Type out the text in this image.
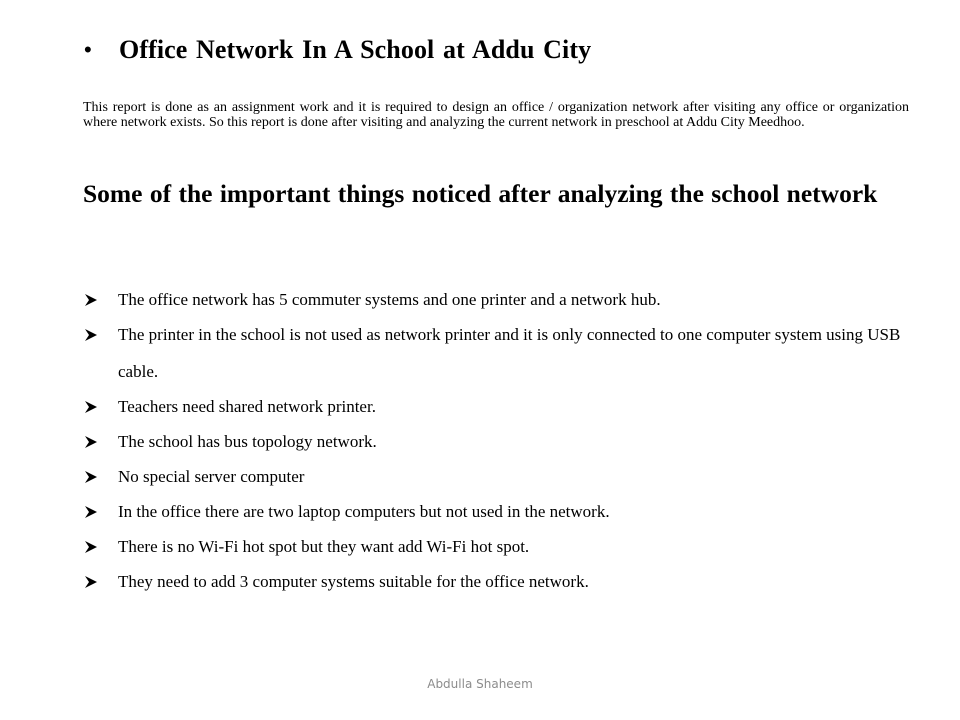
•	Office Network In A School at Addu City

This report is done as an assignment work and it is required to design an office / organization network after visiting any office or organization where network exists. So this report is done after visiting and analyzing the current network in preschool at Addu City Meedhoo.

Some of the important things noticed after analyzing the school network
The office network has 5 commuter systems and one printer and a network hub.
The printer in the school is not used as network printer and it is only connected to one computer system using USB cable.
Teachers need shared network printer.
The school has bus topology network.
No special server computer
In the office there are two laptop computers but not used in the network.
There is no Wi-Fi hot spot but they want add Wi-Fi hot spot.
They need to add 3 computer systems suitable for the office network.
Abdulla Shaheem
